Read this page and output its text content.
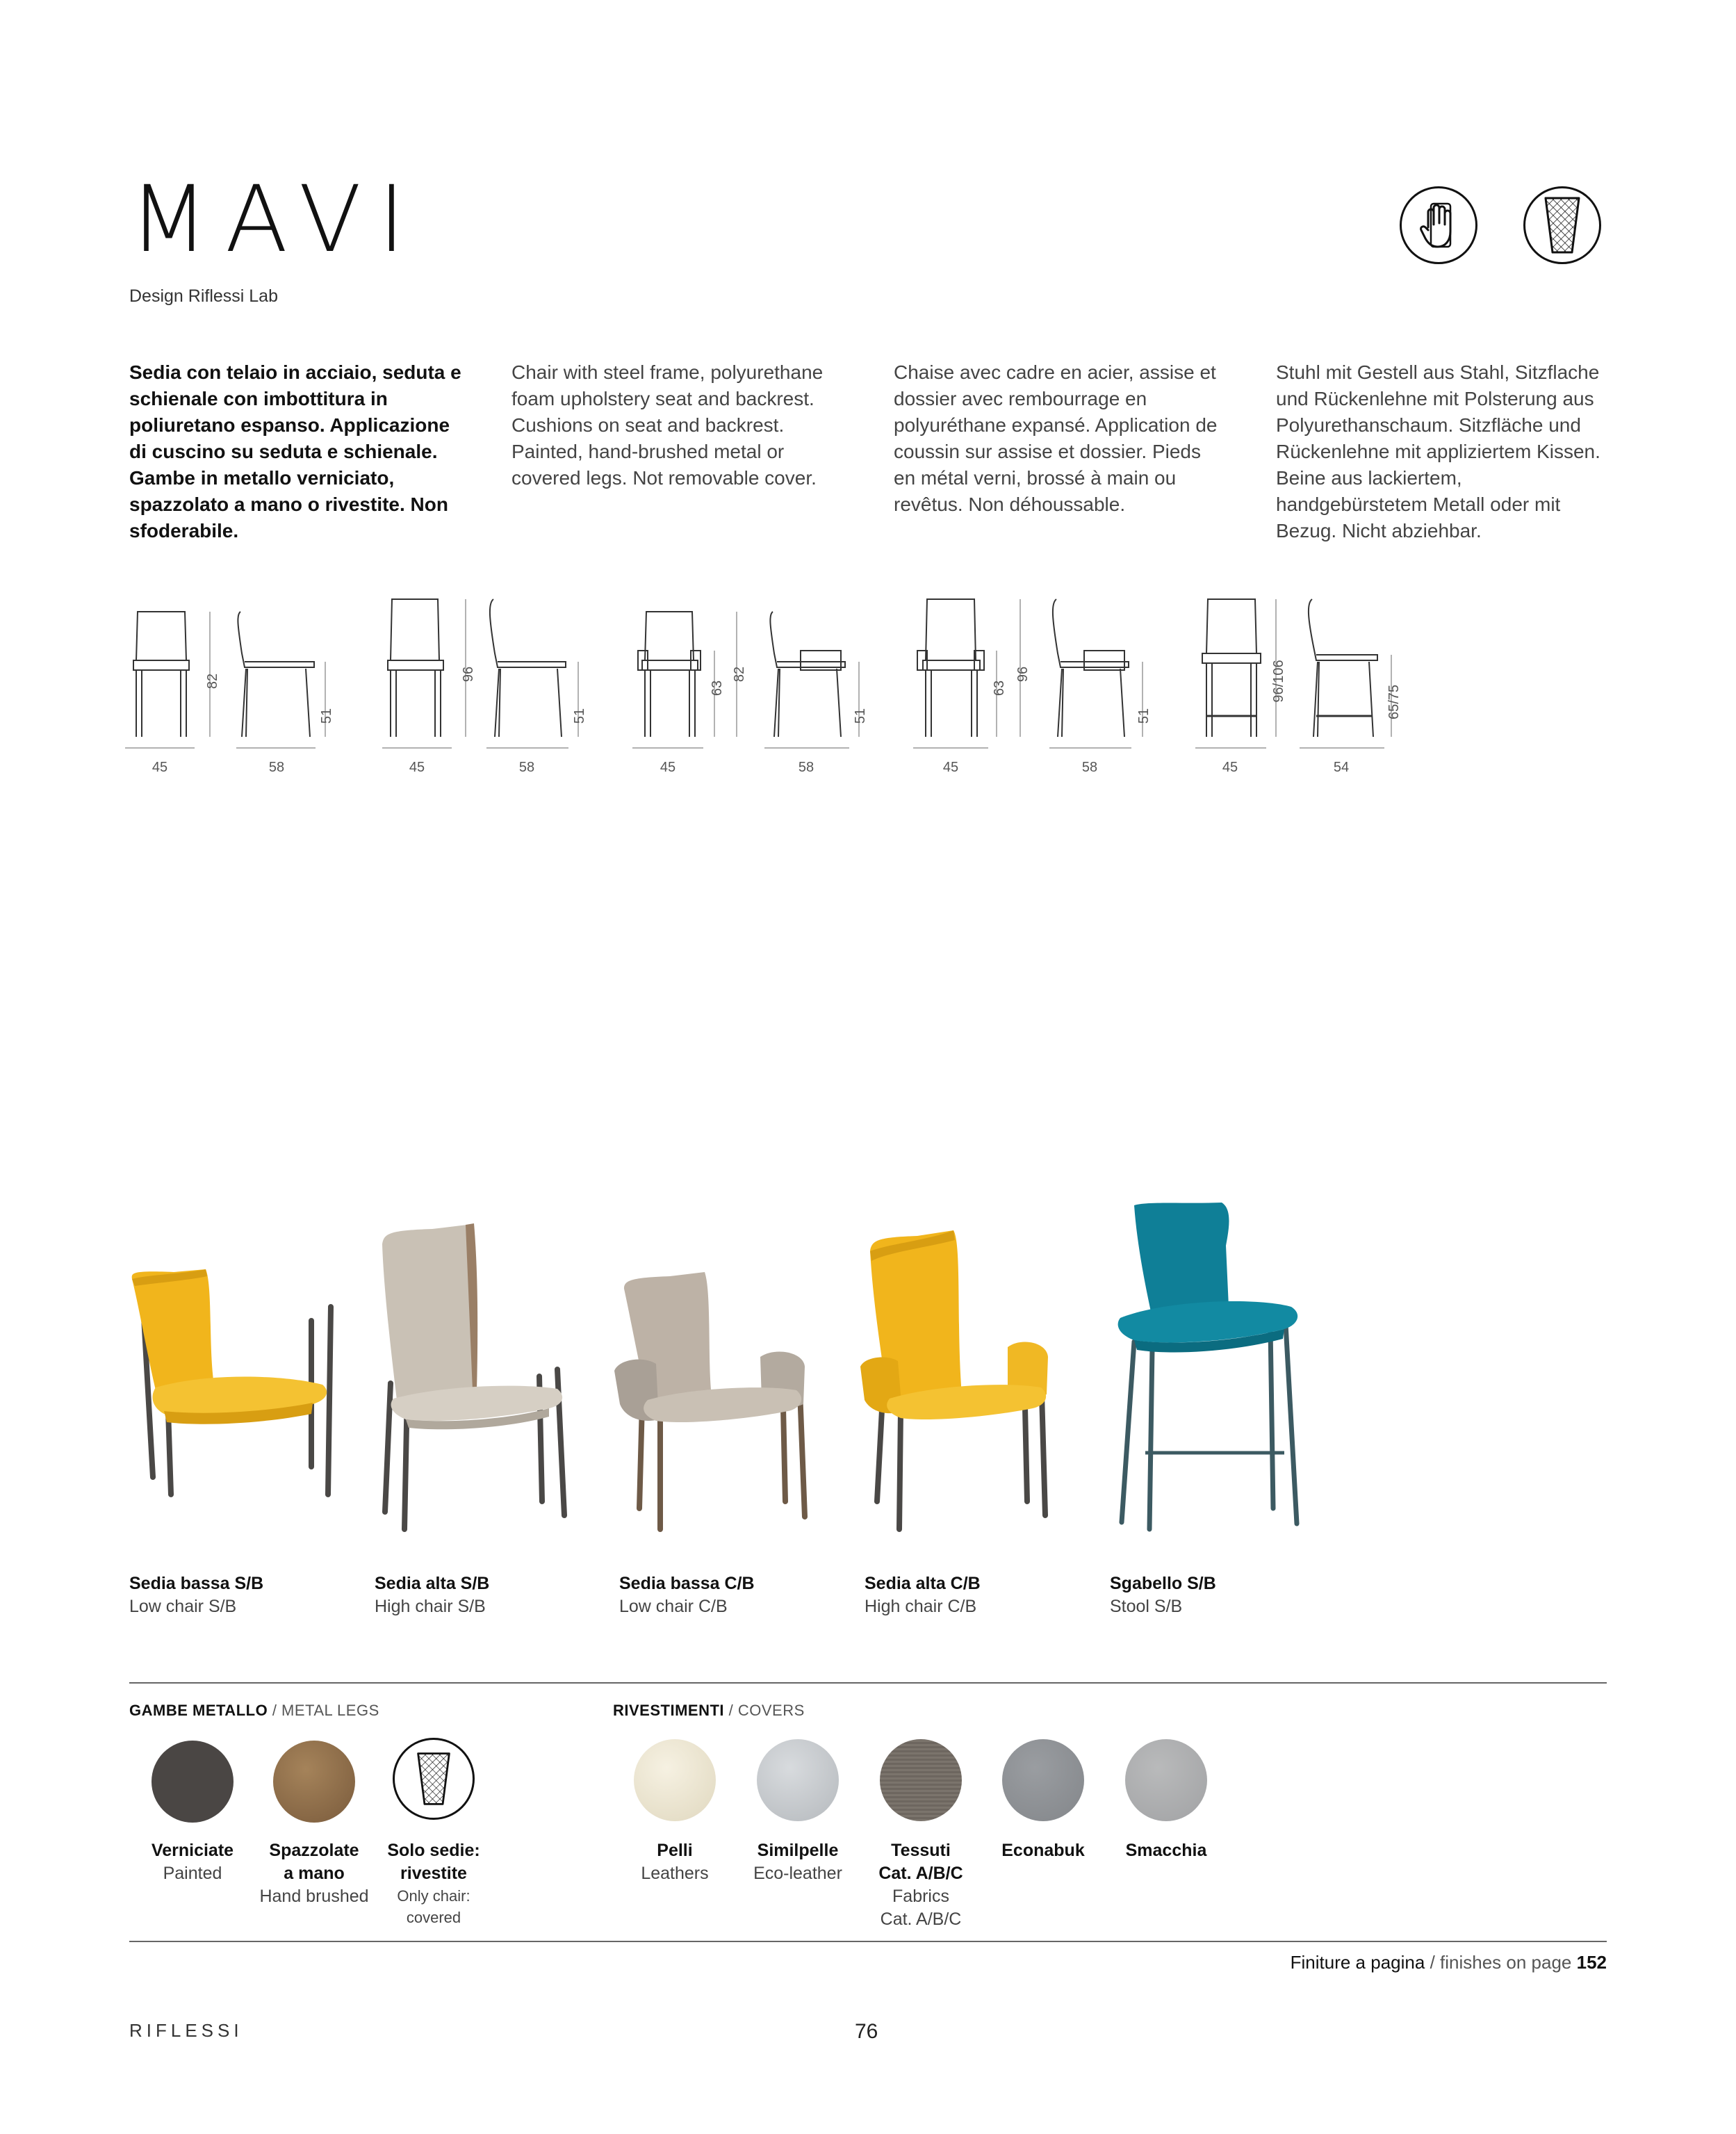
MAVI
Design Riflessi Lab
Sedia con telaio in acciaio, seduta e schienale con imbottitura in poliuretano espanso. Applicazione di cuscino su seduta e schienale. Gambe in metallo verniciato, spazzolato a mano o rivestite. Non sfoderabile.
Chair with steel frame, polyurethane foam upholstery seat and backrest. Cushions on seat and backrest. Painted, hand-brushed metal or covered legs. Not removable cover.
Chaise avec cadre en acier, assise et dossier avec rembourrage en polyuréthane expansé. Application de coussin sur assise et dossier. Pieds en métal verni, brossé à main ou revêtus. Non déhoussable.
Stuhl mit Gestell aus Stahl, Sitzflache und Rückenlehne mit Polsterung aus Polyurethanschaum. Sitzfläche und Rückenlehne mit appliziertem Kissen. Beine aus lackiertem, handgebürstetem Metall oder mit Bezug. Nicht abziehbar.
45	58
82
51
45	58
96
51
45	58
82
51
63
45	58
96
51
63
45	54
96/106	65/75
Sedia bassa S/B
Low chair S/B
Sedia alta S/B
High chair S/B
Sedia bassa C/B
Low chair C/B
Sedia alta C/B
High chair C/B
Sgabello S/B
Stool S/B
GAMBE METALLO / METAL LEGS
Verniciate
Painted
Spazzolate
a mano
Hand brushed
Solo sedie:
rivestite
Only chair:
covered
RIVESTIMENTI / COVERS
Pelli
Leathers
Similpelle
Eco-leather
Tessuti
Cat. A/B/C
Fabrics
Cat. A/B/C
Econabuk	Smacchia
Finiture a pagina / finishes on page 152
RIFLESSI	76
